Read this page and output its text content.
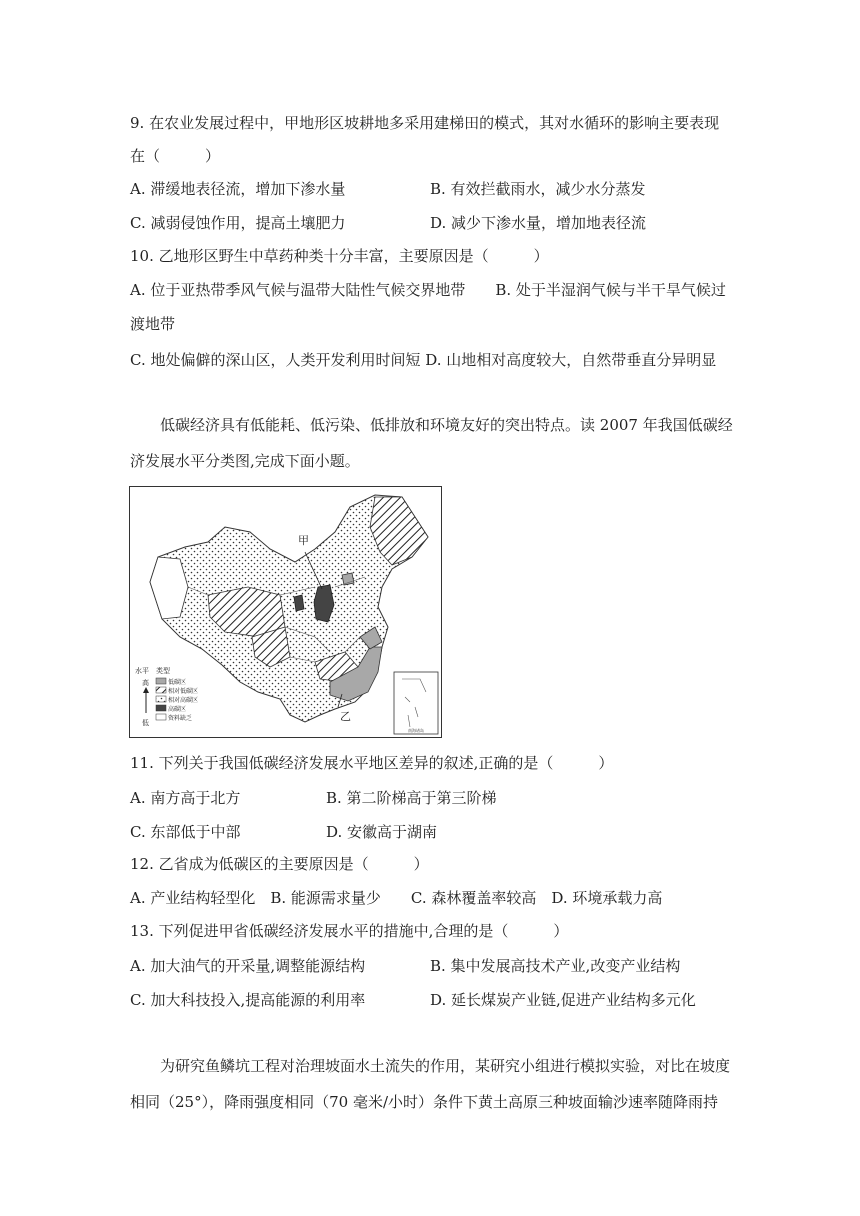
9. 在农业发展过程中，甲地形区坡耕地多采用建梯田的模式，其对水循环的影响主要表现
在（　　　）
A. 滞缓地表径流，增加下渗水量	B. 有效拦截雨水，减少水分蒸发
C. 减弱侵蚀作用，提高土壤肥力	D. 减少下渗水量，增加地表径流
10. 乙地形区野生中草药种类十分丰富，主要原因是（　　　）
A. 位于亚热带季风气候与温带大陆性气候交界地带　　B. 处于半湿润气候与半干旱气候过
渡地带
C. 地处偏僻的深山区，人类开发利用时间短 D. 山地相对高度较大，自然带垂直分异明显
低碳经济具有低能耗、低污染、低排放和环境友好的突出特点。读 2007 年我国低碳经
济发展水平分类图,完成下面小题。
甲
乙
南海诸岛
水平 类型
高
低
低碳区
相对低碳区
相对高碳区
高碳区
资料缺乏
11. 下列关于我国低碳经济发展水平地区差异的叙述,正确的是（　　　）
A. 南方高于北方	B. 第二阶梯高于第三阶梯
C. 东部低于中部	D. 安徽高于湖南
12. 乙省成为低碳区的主要原因是（　　　）
A. 产业结构轻型化　B. 能源需求量少　　C. 森林覆盖率较高　D. 环境承载力高
13. 下列促进甲省低碳经济发展水平的措施中,合理的是（　　　）
A. 加大油气的开采量,调整能源结构	B. 集中发展高技术产业,改变产业结构
C. 加大科技投入,提高能源的利用率	D. 延长煤炭产业链,促进产业结构多元化
为研究鱼鳞坑工程对治理坡面水土流失的作用，某研究小组进行模拟实验，对比在坡度
相同（25°），降雨强度相同（70 毫米/小时）条件下黄土高原三种坡面输沙速率随降雨持
